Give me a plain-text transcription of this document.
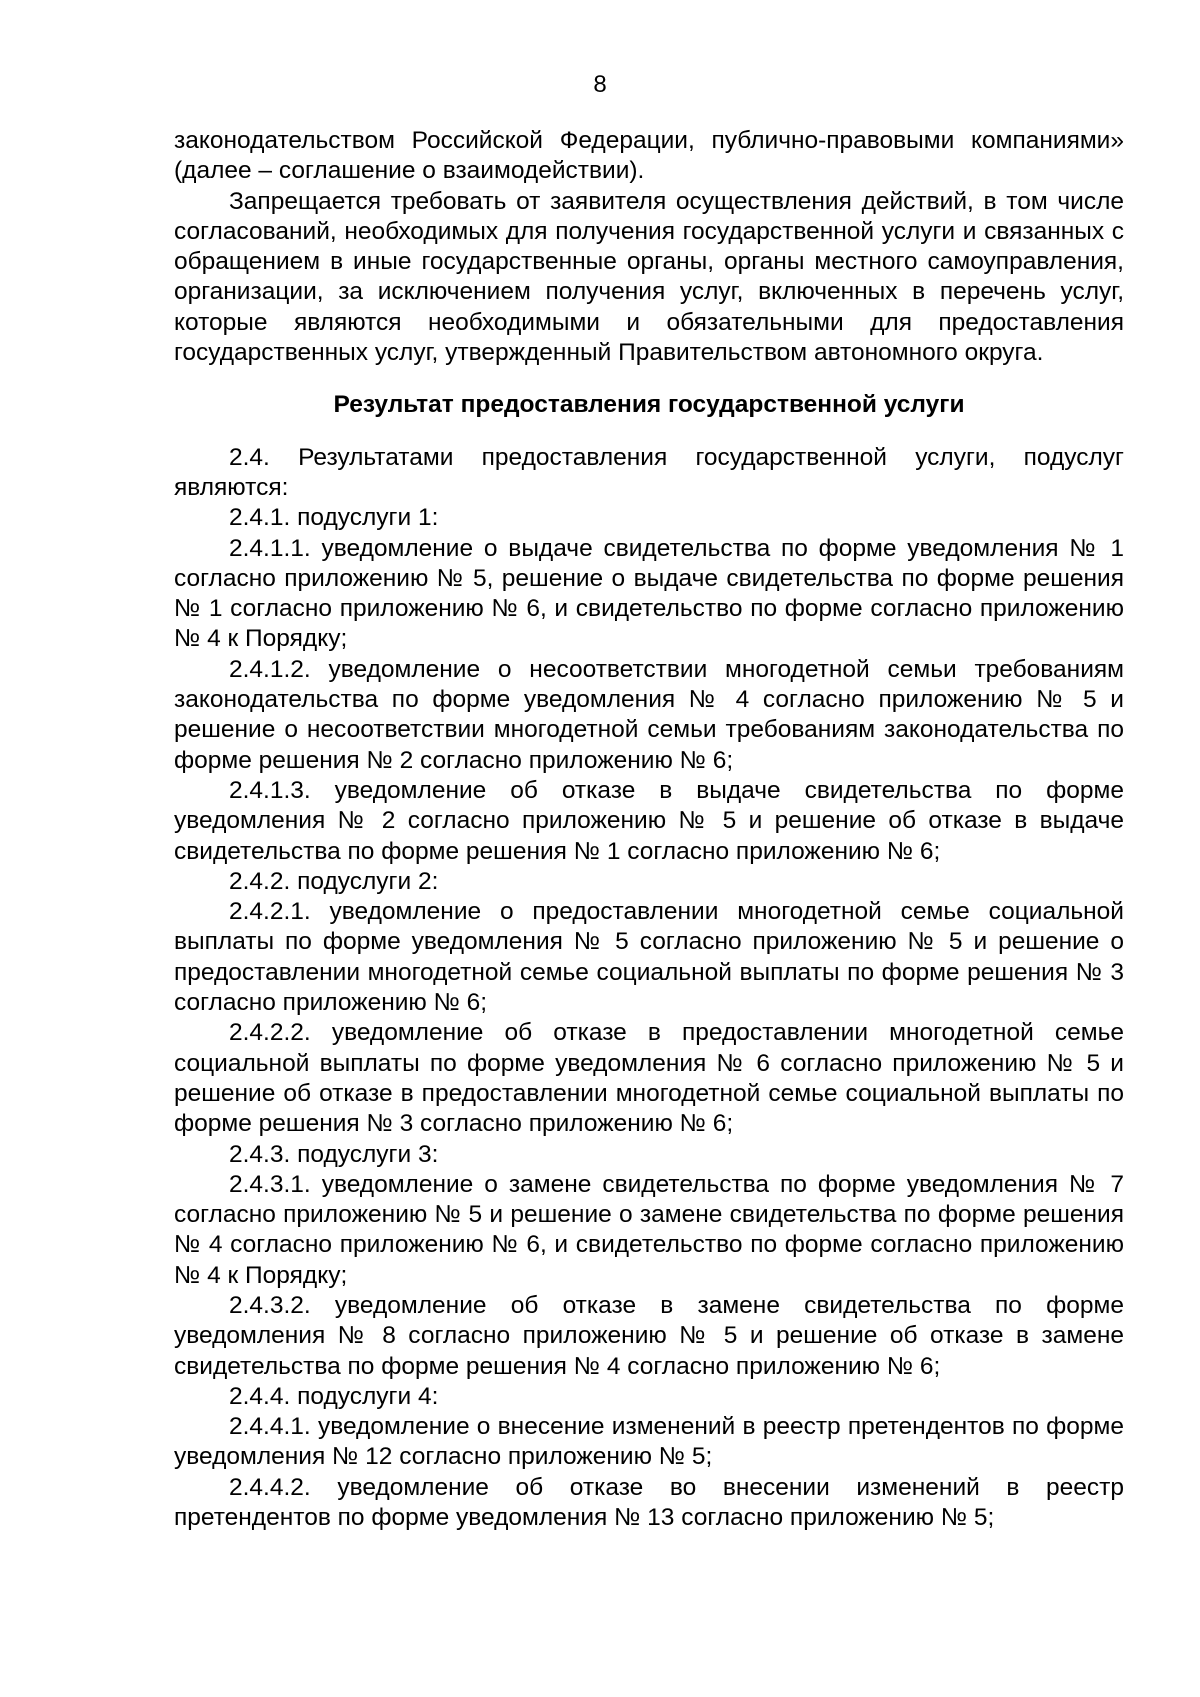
8

законодательством Российской Федерации, публично-правовыми компаниями» (далее – соглашение о взаимодействии).

Запрещается требовать от заявителя осуществления действий, в том числе согласований, необходимых для получения государственной услуги и связанных с обращением в иные государственные органы, органы местного самоуправления, организации, за исключением получения услуг, включенных в перечень услуг, которые являются необходимыми и обязательными для предоставления государственных услуг, утвержденный Правительством автономного округа.

Результат предоставления государственной услуги

2.4. Результатами предоставления государственной услуги, подуслуг являются:

2.4.1. подуслуги 1:

2.4.1.1. уведомление о выдаче свидетельства по форме уведомления № 1 согласно приложению № 5, решение о выдаче свидетельства по форме решения № 1 согласно приложению № 6, и свидетельство по форме согласно приложению № 4 к Порядку;

2.4.1.2. уведомление о несоответствии многодетной семьи требованиям законодательства по форме уведомления № 4 согласно приложению № 5 и решение о несоответствии многодетной семьи требованиям законодательства по форме решения № 2 согласно приложению № 6;

2.4.1.3. уведомление об отказе в выдаче свидетельства по форме уведомления № 2 согласно приложению № 5 и решение об отказе в выдаче свидетельства по форме решения № 1 согласно приложению № 6;

2.4.2. подуслуги 2:

2.4.2.1. уведомление о предоставлении многодетной семье социальной выплаты по форме уведомления № 5 согласно приложению № 5 и решение о предоставлении многодетной семье социальной выплаты по форме решения № 3 согласно приложению № 6;

2.4.2.2. уведомление об отказе в предоставлении многодетной семье социальной выплаты по форме уведомления № 6 согласно приложению № 5 и решение об отказе в предоставлении многодетной семье социальной выплаты по форме решения № 3 согласно приложению № 6;

2.4.3. подуслуги 3:

2.4.3.1. уведомление о замене свидетельства по форме уведомления № 7 согласно приложению № 5 и решение о замене свидетельства по форме решения № 4 согласно приложению № 6, и свидетельство по форме согласно приложению № 4 к Порядку;

2.4.3.2. уведомление об отказе в замене свидетельства по форме уведомления № 8 согласно приложению № 5 и решение об отказе в замене свидетельства по форме решения № 4 согласно приложению № 6;

2.4.4. подуслуги 4:

2.4.4.1. уведомление о внесение изменений в реестр претендентов по форме уведомления № 12 согласно приложению № 5;

2.4.4.2. уведомление об отказе во внесении изменений в реестр претендентов по форме уведомления № 13 согласно приложению № 5;
